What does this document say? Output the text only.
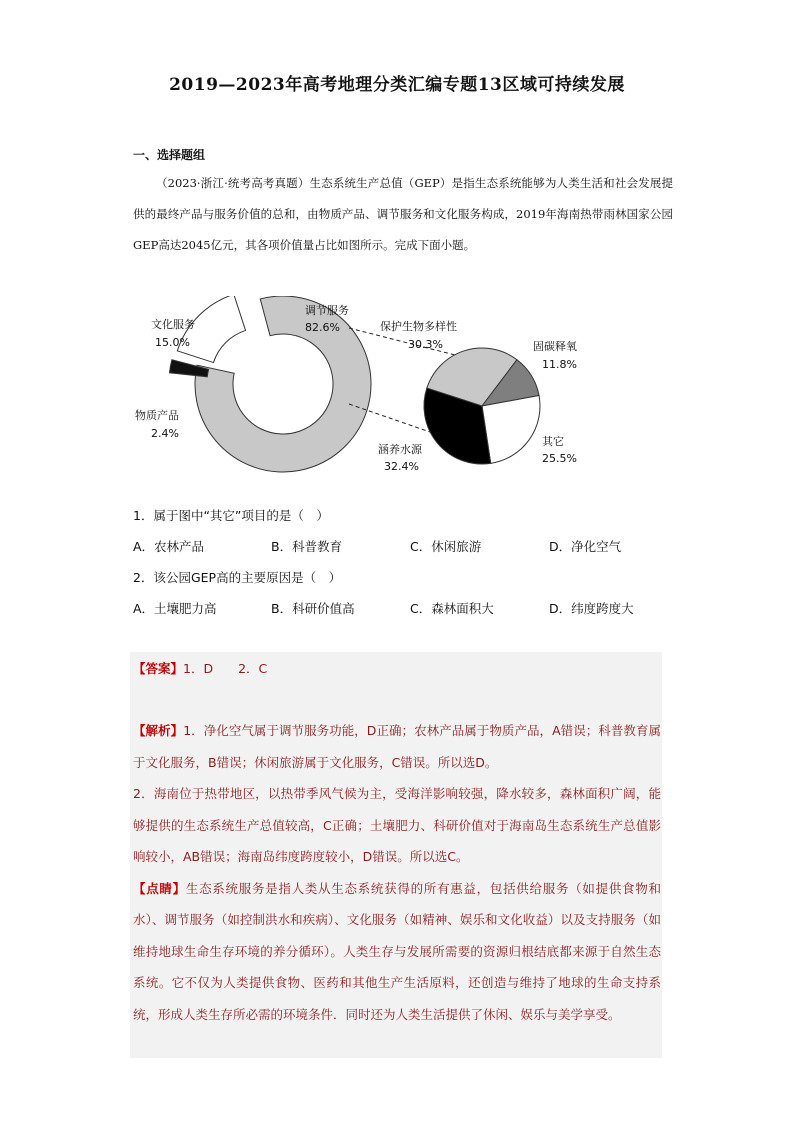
2019—2023年高考地理分类汇编专题13区域可持续发展
一、选择题组
（2023·浙江·统考高考真题）生态系统生产总值（GEP）是指生态系统能够为人类生活和社会发展提供的最终产品与服务价值的总和，由物质产品、调节服务和文化服务构成，2019年海南热带雨林国家公园GEP高达2045亿元，其各项价值量占比如图所示。完成下面小题。
文化服务
15.0%
调节服务
82.6%
物质产品
2.4%
保护生物多样性
30.3%	固碳释氧
11.8%
其它
25.5%
涵养水源
32.4%
1．属于图中“其它”项目的是（　）
A．农林产品	B．科普教育	C．休闲旅游	D．净化空气
2．该公园GEP高的主要原因是（　）
A．土壤肥力高	B．科研价值高	C．森林面积大	D．纬度跨度大
【答案】1．D　　2．C
【解析】1．净化空气属于调节服务功能，D正确；农林产品属于物质产品，A错误；科普教育属于文化服务，B错误；休闲旅游属于文化服务，C错误。所以选D。
2．海南位于热带地区，以热带季风气候为主，受海洋影响较强，降水较多，森林面积广阔，能够提供的生态系统生产总值较高，C正确；土壤肥力、科研价值对于海南岛生态系统生产总值影响较小，AB错误；海南岛纬度跨度较小，D错误。所以选C。
【点睛】生态系统服务是指人类从生态系统获得的所有惠益，包括供给服务（如提供食物和水）、调节服务（如控制洪水和疾病）、文化服务（如精神、娱乐和文化收益）以及支持服务（如维持地球生命生存环境的养分循环）。人类生存与发展所需要的资源归根结底都来源于自然生态系统。它不仅为人类提供食物、医药和其他生产生活原料，还创造与维持了地球的生命支持系统，形成人类生存所必需的环境条件．同时还为人类生活提供了休闲、娱乐与美学享受。
